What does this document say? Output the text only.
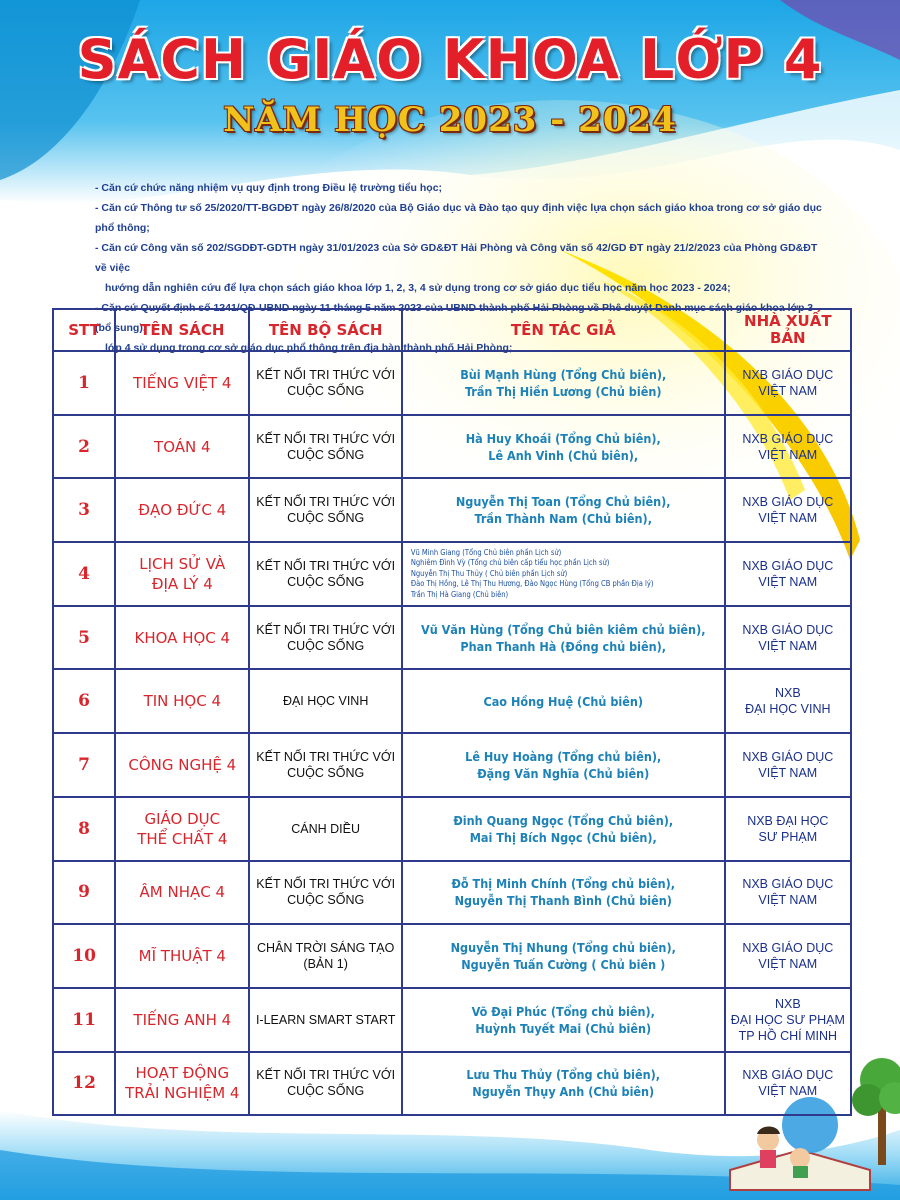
SÁCH GIÁO KHOA LỚP 4
NĂM HỌC 2023 - 2024

- Căn cứ chức năng nhiệm vụ quy định trong Điều lệ trường tiểu học;

- Căn cứ Thông tư số 25/2020/TT-BGDĐT ngày 26/8/2020 của Bộ Giáo dục và Đào tạo quy định việc lựa chọn sách giáo khoa trong cơ sở giáo dục phổ thông;

- Căn cứ Công văn số 202/SGDĐT-GDTH ngày 31/01/2023 của Sở GD&ĐT Hải Phòng và Công văn số 42/GD ĐT ngày 21/2/2023 của Phòng GD&ĐT về việc

hướng dẫn nghiên cứu để lựa chọn sách giáo khoa lớp 1, 2, 3, 4 sử dụng trong cơ sở giáo dục tiểu học năm học 2023 - 2024;

- Căn cứ Quyết định số 1241/QĐ-UBND ngày 11 tháng 5 năm 2023 của UBND thành phố Hải Phòng về Phê duyệt Danh mục sách giáo khoa lớp 3 (bổ sung),

lớp 4 sử dụng trong cơ sở giáo dục phổ thông trên địa bàn thành phố Hải Phòng;

STT	TÊN SÁCH	TÊN BỘ SÁCH	TÊN TÁC GIẢ	NHÀ XUẤT
BẢN

1	TIẾNG VIỆT 4	KẾT NỐI TRI THỨC VỚI
CUỘC SỐNG	Bùi Mạnh Hùng (Tổng Chủ biên),
Trần Thị Hiền Lương (Chủ biên)	NXB GIÁO DỤC
VIỆT NAM

2	TOÁN 4	KẾT NỐI TRI THỨC VỚI
CUỘC SỐNG	Hà Huy Khoái (Tổng Chủ biên),
Lê Anh Vinh (Chủ biên),	NXB GIÁO DỤC
VIỆT NAM

3	ĐẠO ĐỨC 4	KẾT NỐI TRI THỨC VỚI
CUỘC SỐNG	Nguyễn Thị Toan (Tổng Chủ biên),
Trần Thành Nam (Chủ biên),	NXB GIÁO DỤC
VIỆT NAM

4	LỊCH SỬ VÀ
ĐỊA LÝ 4	KẾT NỐI TRI THỨC VỚI
CUỘC SỐNG	Vũ Minh Giang (Tổng Chủ biên phần Lịch sử)
Nghiêm Đình Vỳ (Tổng chủ biên cấp tiểu học phần Lịch sử)
Nguyễn Thị Thu Thủy ( Chủ biên phần Lịch sử)
Đào Thị Hồng, Lê Thị Thu Hương, Đào Ngọc Hùng (Tổng CB phần Địa lý)
Trần Thị Hà Giang (Chủ biên)	NXB GIÁO DỤC
VIỆT NAM

5	KHOA HỌC 4	KẾT NỐI TRI THỨC VỚI
CUỘC SỐNG	Vũ Văn Hùng (Tổng Chủ biên kiêm chủ biên),
Phan Thanh Hà (Đồng chủ biên),	NXB GIÁO DỤC
VIỆT NAM

6	TIN HỌC 4	ĐẠI HỌC VINH	Cao Hồng Huệ (Chủ biên)	NXB
ĐẠI HỌC VINH

7	CÔNG NGHỆ 4	KẾT NỐI TRI THỨC VỚI
CUỘC SỐNG	Lê Huy Hoàng (Tổng chủ biên),
Đặng Văn Nghĩa (Chủ biên)	NXB GIÁO DỤC
VIỆT NAM

8	GIÁO DỤC
THỂ CHẤT 4	CÁNH DIỀU	Đinh Quang Ngọc (Tổng Chủ biên),
Mai Thị Bích Ngọc (Chủ biên),	NXB ĐẠI HỌC
SƯ PHẠM

9	ÂM NHẠC 4	KẾT NỐI TRI THỨC VỚI
CUỘC SỐNG	Đỗ Thị Minh Chính (Tổng chủ biên),
Nguyễn Thị Thanh Bình (Chủ biên)	NXB GIÁO DỤC
VIỆT NAM

10	MĨ THUẬT 4	CHÂN TRỜI SÁNG TẠO
(BẢN 1)	Nguyễn Thị Nhung (Tổng chủ biên),
Nguyễn Tuấn Cường ( Chủ biên )	NXB GIÁO DỤC
VIỆT NAM

11	TIẾNG ANH 4	I-LEARN SMART START	Võ Đại Phúc (Tổng chủ biên),
Huỳnh Tuyết Mai (Chủ biên)	NXB
ĐẠI HỌC SƯ PHẠM
TP HỒ CHÍ MINH

12	HOẠT ĐỘNG
TRẢI NGHIỆM 4	KẾT NỐI TRI THỨC VỚI
CUỘC SỐNG	Lưu Thu Thủy (Tổng chủ biên),
Nguyễn Thụy Anh (Chủ biên)	NXB GIÁO DỤC
VIỆT NAM
